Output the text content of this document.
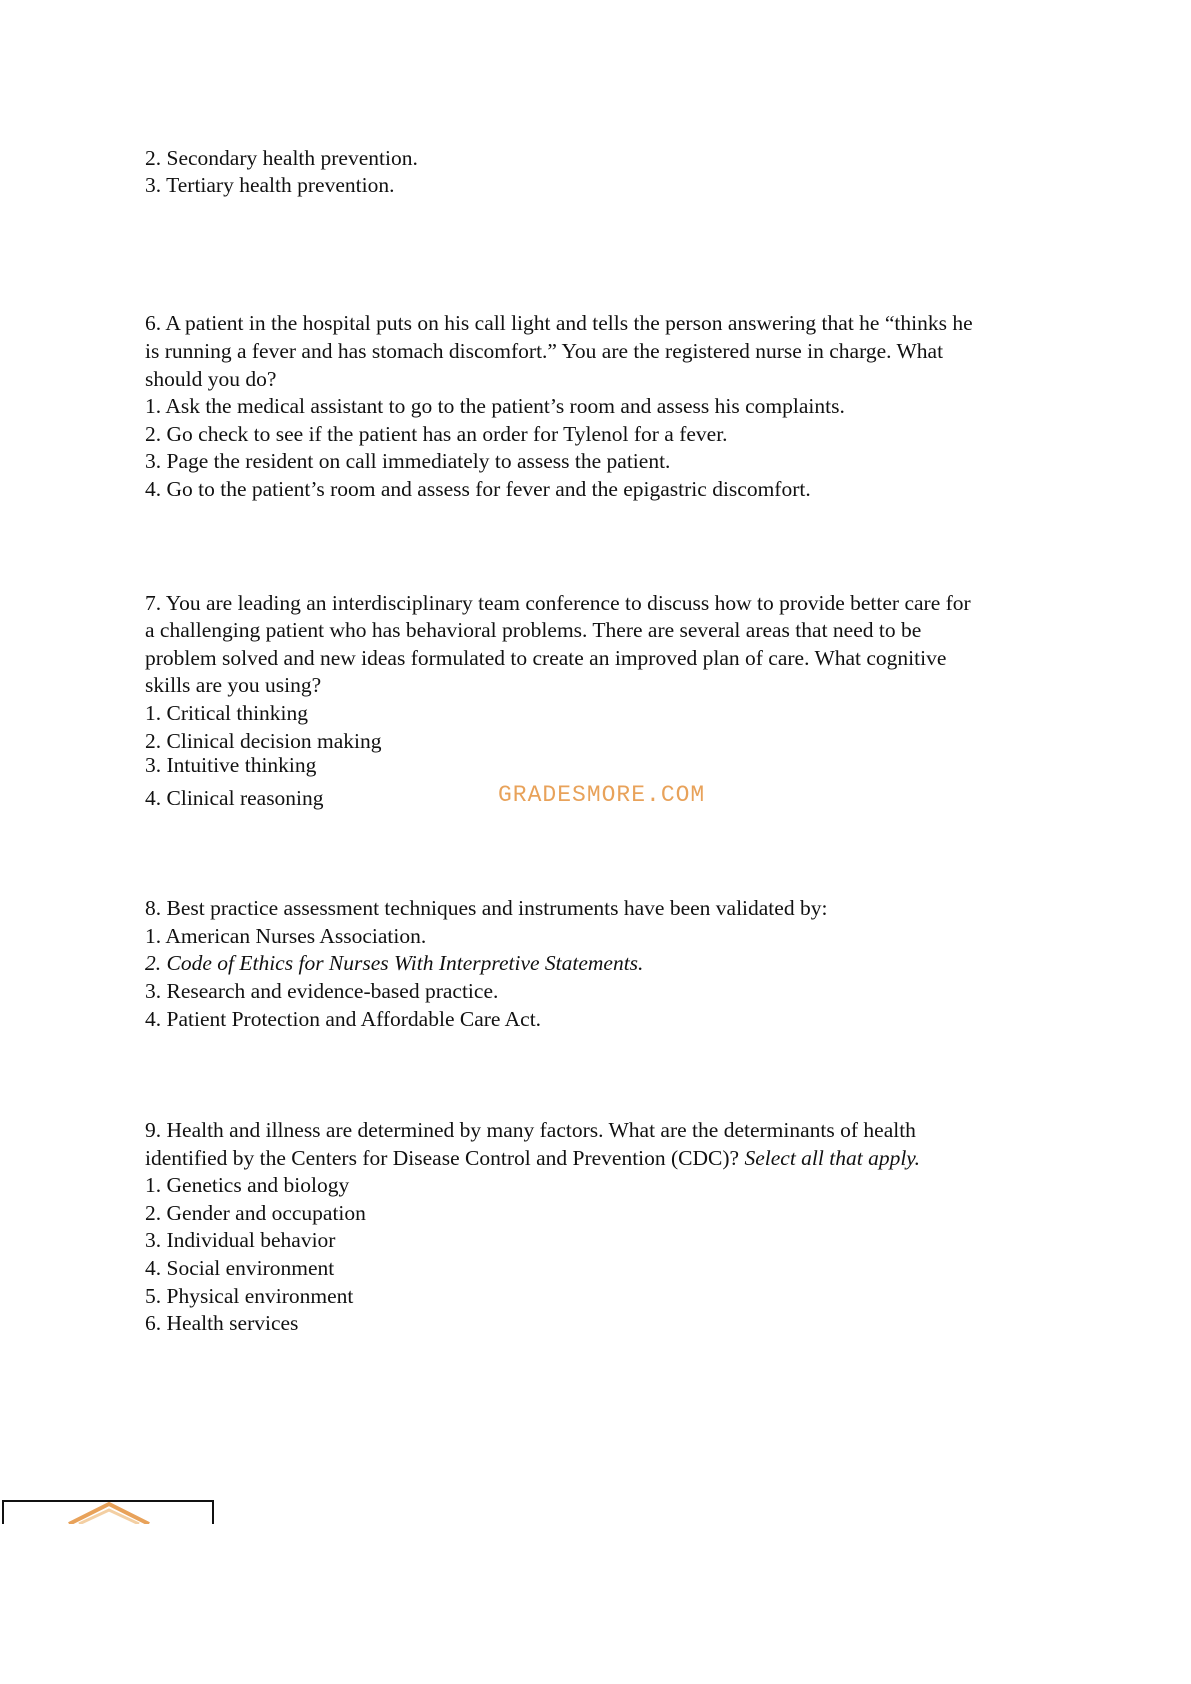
2. Secondary health prevention.
3. Tertiary health prevention.
6. A patient in the hospital puts on his call light and tells the person answering that he “thinks he
is running a fever and has stomach discomfort.” You are the registered nurse in charge. What
should you do?
1. Ask the medical assistant to go to the patient’s room and assess his complaints.
2. Go check to see if the patient has an order for Tylenol for a fever.
3. Page the resident on call immediately to assess the patient.
4. Go to the patient’s room and assess for fever and the epigastric discomfort.
7. You are leading an interdisciplinary team conference to discuss how to provide better care for
a challenging patient who has behavioral problems. There are several areas that need to be
problem solved and new ideas formulated to create an improved plan of care. What cognitive
skills are you using?
1. Critical thinking
2. Clinical decision making
3. Intuitive thinking
4. Clinical reasoning	GRADESMORE.COM
8. Best practice assessment techniques and instruments have been validated by:
1. American Nurses Association.
2. Code of Ethics for Nurses With Interpretive Statements.
3. Research and evidence-based practice.
4. Patient Protection and Affordable Care Act.
9. Health and illness are determined by many factors. What are the determinants of health
identified by the Centers for Disease Control and Prevention (CDC)? Select all that apply.
1. Genetics and biology
2. Gender and occupation
3. Individual behavior
4. Social environment
5. Physical environment
6. Health services
